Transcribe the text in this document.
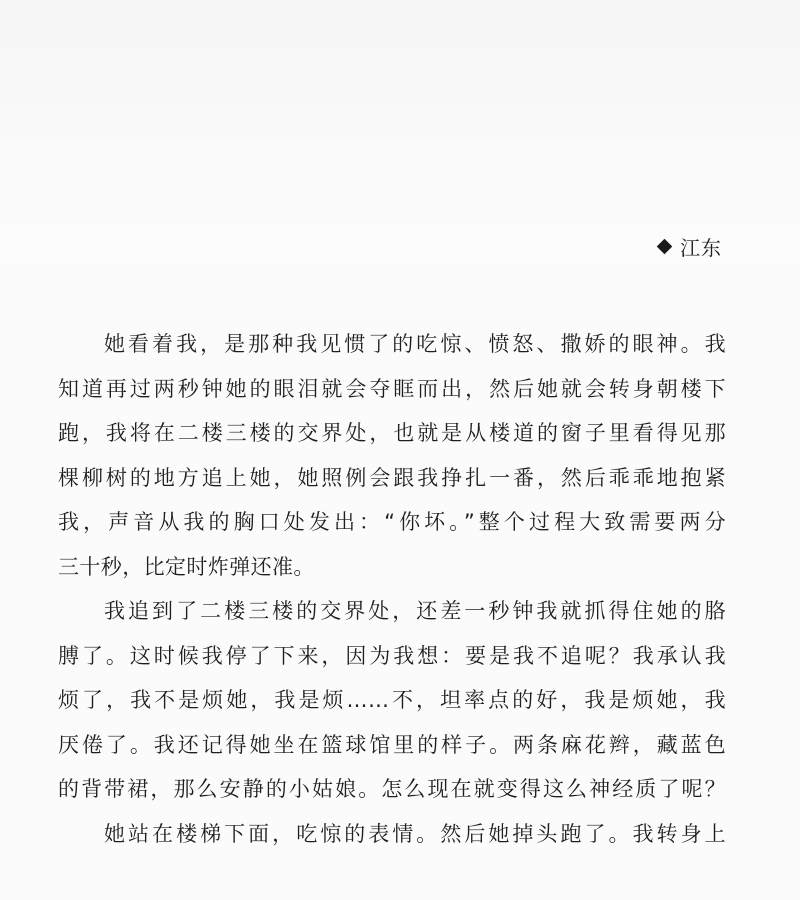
江东
她看着我，是那种我见惯了的吃惊、愤怒、撒娇的眼神。我
知道再过两秒钟她的眼泪就会夺眶而出，然后她就会转身朝楼下
跑，我将在二楼三楼的交界处，也就是从楼道的窗子里看得见那
棵柳树的地方追上她，她照例会跟我挣扎一番，然后乖乖地抱紧
我，声音从我的胸口处发出：“你坏。”整个过程大致需要两分
三十秒，比定时炸弹还准。
我追到了二楼三楼的交界处，还差一秒钟我就抓得住她的胳
膊了。这时候我停了下来，因为我想：要是我不追呢？我承认我
烦了，我不是烦她，我是烦……不，坦率点的好，我是烦她，我
厌倦了。我还记得她坐在篮球馆里的样子。两条麻花辫，藏蓝色
的背带裙，那么安静的小姑娘。怎么现在就变得这么神经质了呢？
她站在楼梯下面，吃惊的表情。然后她掉头跑了。我转身上
